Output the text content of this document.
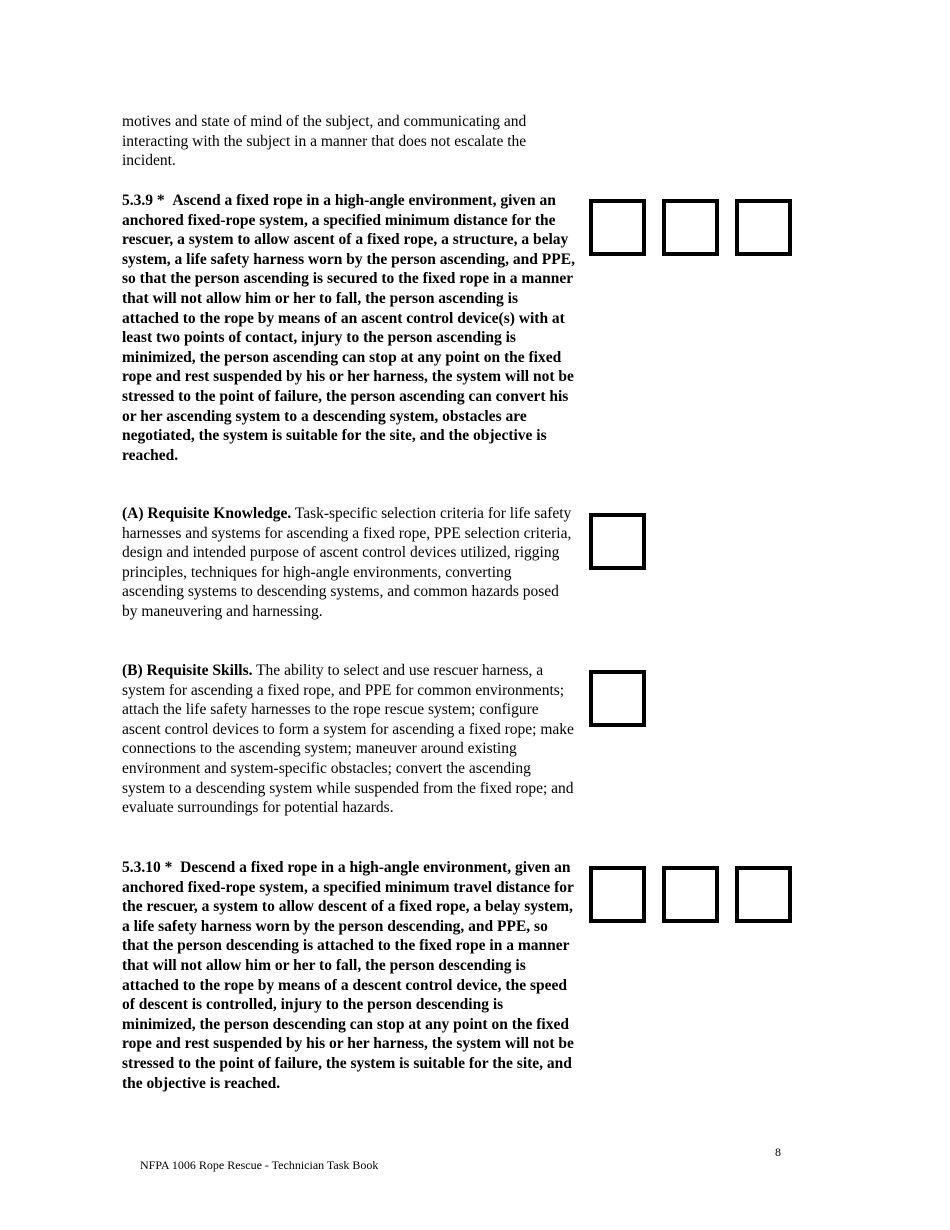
motives and state of mind of the subject, and communicating and interacting with the subject in a manner that does not escalate the incident.

5.3.9 * Ascend a fixed rope in a high-angle environment, given an anchored fixed-rope system, a specified minimum distance for the rescuer, a system to allow ascent of a fixed rope, a structure, a belay system, a life safety harness worn by the person ascending, and PPE, so that the person ascending is secured to the fixed rope in a manner that will not allow him or her to fall, the person ascending is attached to the rope by means of an ascent control device(s) with at least two points of contact, injury to the person ascending is minimized, the person ascending can stop at any point on the fixed rope and rest suspended by his or her harness, the system will not be stressed to the point of failure, the person ascending can convert his or her ascending system to a descending system, obstacles are negotiated, the system is suitable for the site, and the objective is reached.

(A) Requisite Knowledge. Task-specific selection criteria for life safety harnesses and systems for ascending a fixed rope, PPE selection criteria, design and intended purpose of ascent control devices utilized, rigging principles, techniques for high-angle environments, converting ascending systems to descending systems, and common hazards posed by maneuvering and harnessing.

(B) Requisite Skills. The ability to select and use rescuer harness, a system for ascending a fixed rope, and PPE for common environments; attach the life safety harnesses to the rope rescue system; configure ascent control devices to form a system for ascending a fixed rope; make connections to the ascending system; maneuver around existing environment and system-specific obstacles; convert the ascending system to a descending system while suspended from the fixed rope; and evaluate surroundings for potential hazards.

5.3.10 * Descend a fixed rope in a high-angle environment, given an anchored fixed-rope system, a specified minimum travel distance for the rescuer, a system to allow descent of a fixed rope, a belay system, a life safety harness worn by the person descending, and PPE, so that the person descending is attached to the fixed rope in a manner that will not allow him or her to fall, the person descending is attached to the rope by means of a descent control device, the speed of descent is controlled, injury to the person descending is minimized, the person descending can stop at any point on the fixed rope and rest suspended by his or her harness, the system will not be stressed to the point of failure, the system is suitable for the site, and the objective is reached.

8
NFPA 1006 Rope Rescue - Technician Task Book
